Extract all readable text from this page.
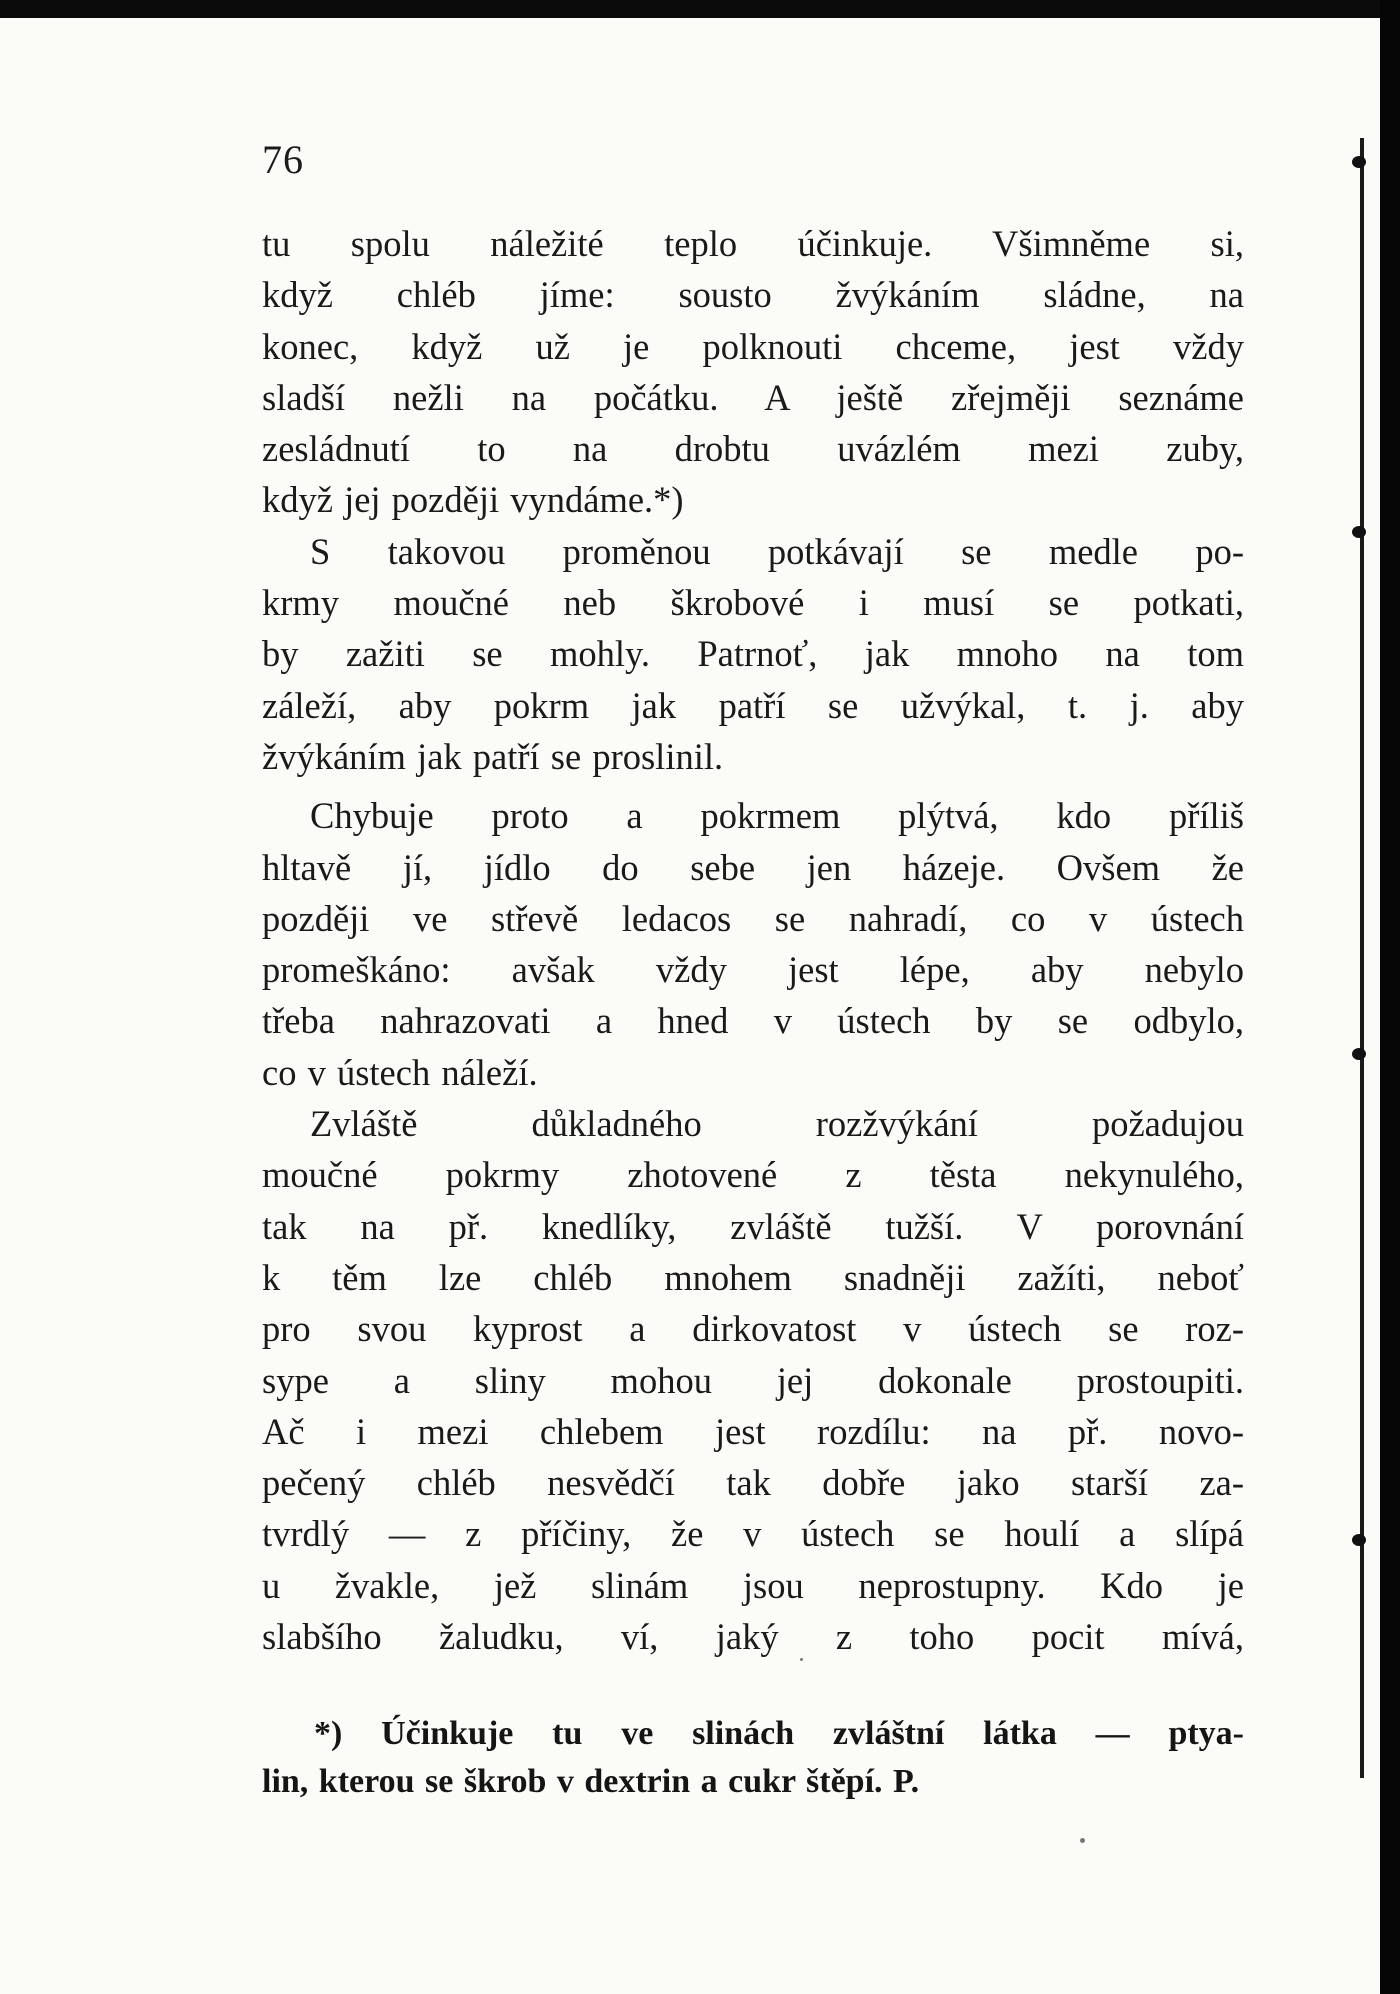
76
tu spolu náležité teplo účinkuje. Všimněme si,
když chléb jíme: sousto žvýkáním sládne, na
konec, když už je polknouti chceme, jest vždy
sladší nežli na počátku. A ještě zřejměji seznáme
zesládnutí to na drobtu uvázlém mezi zuby,
když jej později vyndáme.*)
S takovou proměnou potkávají se medle po-
krmy moučné neb škrobové i musí se potkati,
by zažiti se mohly. Patrnoť, jak mnoho na tom
záleží, aby pokrm jak patří se užvýkal, t. j. aby
žvýkáním jak patří se proslinil.
Chybuje proto a pokrmem plýtvá, kdo příliš
hltavě jí, jídlo do sebe jen házeje. Ovšem že
později ve střevě ledacos se nahradí, co v ústech
promeškáno: avšak vždy jest lépe, aby nebylo
třeba nahrazovati a hned v ústech by se odbylo,
co v ústech náleží.
Zvláště důkladného rozžvýkání požadujou
moučné pokrmy zhotovené z těsta nekynulého,
tak na př. knedlíky, zvláště tužší. V porovnání
k těm lze chléb mnohem snadněji zažíti, neboť
pro svou kyprost a dirkovatost v ústech se roz-
sype a sliny mohou jej dokonale prostoupiti.
Ač i mezi chlebem jest rozdílu: na př. novo-
pečený chléb nesvědčí tak dobře jako starší za-
tvrdlý — z příčiny, že v ústech se houlí a slípá
u žvakle, jež slinám jsou neprostupny. Kdo je
slabšího žaludku, ví, jaký z toho pocit mívá,
*) Účinkuje tu ve slinách zvláštní látka — ptya-
lin, kterou se škrob v dextrin a cukr štěpí. P.
